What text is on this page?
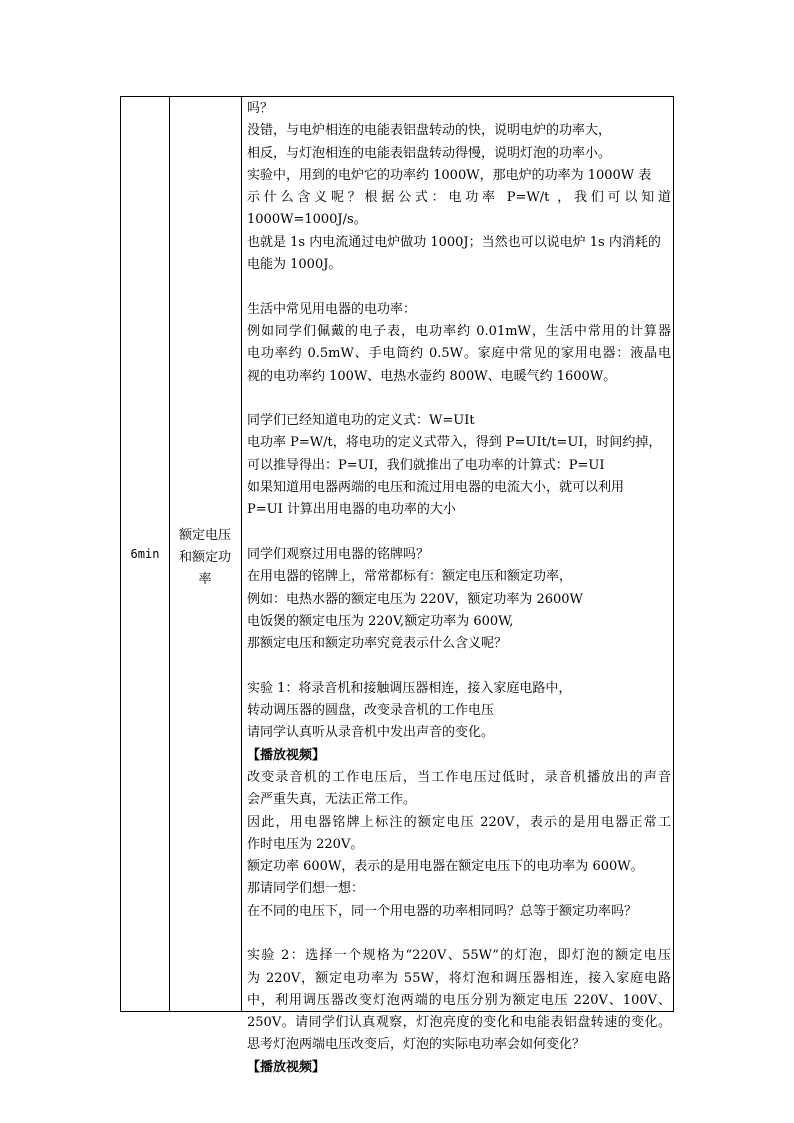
6min
额定电压和额定功率

吗？

没错，与电炉相连的电能表铝盘转动的快，说明电炉的功率大，

相反，与灯泡相连的电能表铝盘转动得慢，说明灯泡的功率小。

实验中，用到的电炉它的功率约 1000W，那电炉的功率为 1000W 表

示什么含义呢？根据公式：电功率 P=W/t ，我们可以知道

1000W=1000J/s。

也就是 1s 内电流通过电炉做功 1000J；当然也可以说电炉 1s 内消耗的

电能为 1000J。

生活中常见用电器的电功率：

例如同学们佩戴的电子表，电功率约 0.01mW，生活中常用的计算器

电功率约 0.5mW、手电筒约 0.5W。家庭中常见的家用电器：液晶电

视的电功率约 100W、电热水壶约 800W、电暖气约 1600W。

同学们已经知道电功的定义式：W=UIt

电功率 P=W/t，将电功的定义式带入，得到 P=UIt/t=UI，时间约掉，

可以推导得出：P=UI，我们就推出了电功率的计算式：P=UI

如果知道用电器两端的电压和流过用电器的电流大小，就可以利用

P=UI 计算出用电器的电功率的大小

同学们观察过用电器的铭牌吗？

在用电器的铭牌上，常常都标有：额定电压和额定功率，

例如：电热水器的额定电压为 220V，额定功率为 2600W

电饭煲的额定电压为 220V,额定功率为 600W,

那额定电压和额定功率究竟表示什么含义呢？

实验 1：将录音机和接触调压器相连，接入家庭电路中，

转动调压器的圆盘，改变录音机的工作电压

请同学认真听从录音机中发出声音的变化。

【播放视频】

改变录音机的工作电压后，当工作电压过低时，录音机播放出的声音

会严重失真，无法正常工作。

因此，用电器铭牌上标注的额定电压 220V，表示的是用电器正常工

作时电压为 220V。

额定功率 600W，表示的是用电器在额定电压下的电功率为 600W。

那请同学们想一想：

在不同的电压下，同一个用电器的功率相同吗？总等于额定功率吗？

实验 2：选择一个规格为“220V、55W”的灯泡，即灯泡的额定电压

为 220V，额定电功率为 55W，将灯泡和调压器相连，接入家庭电路

中，利用调压器改变灯泡两端的电压分别为额定电压 220V、100V、

250V。请同学们认真观察，灯泡亮度的变化和电能表铝盘转速的变化。

思考灯泡两端电压改变后，灯泡的实际电功率会如何变化？

【播放视频】
